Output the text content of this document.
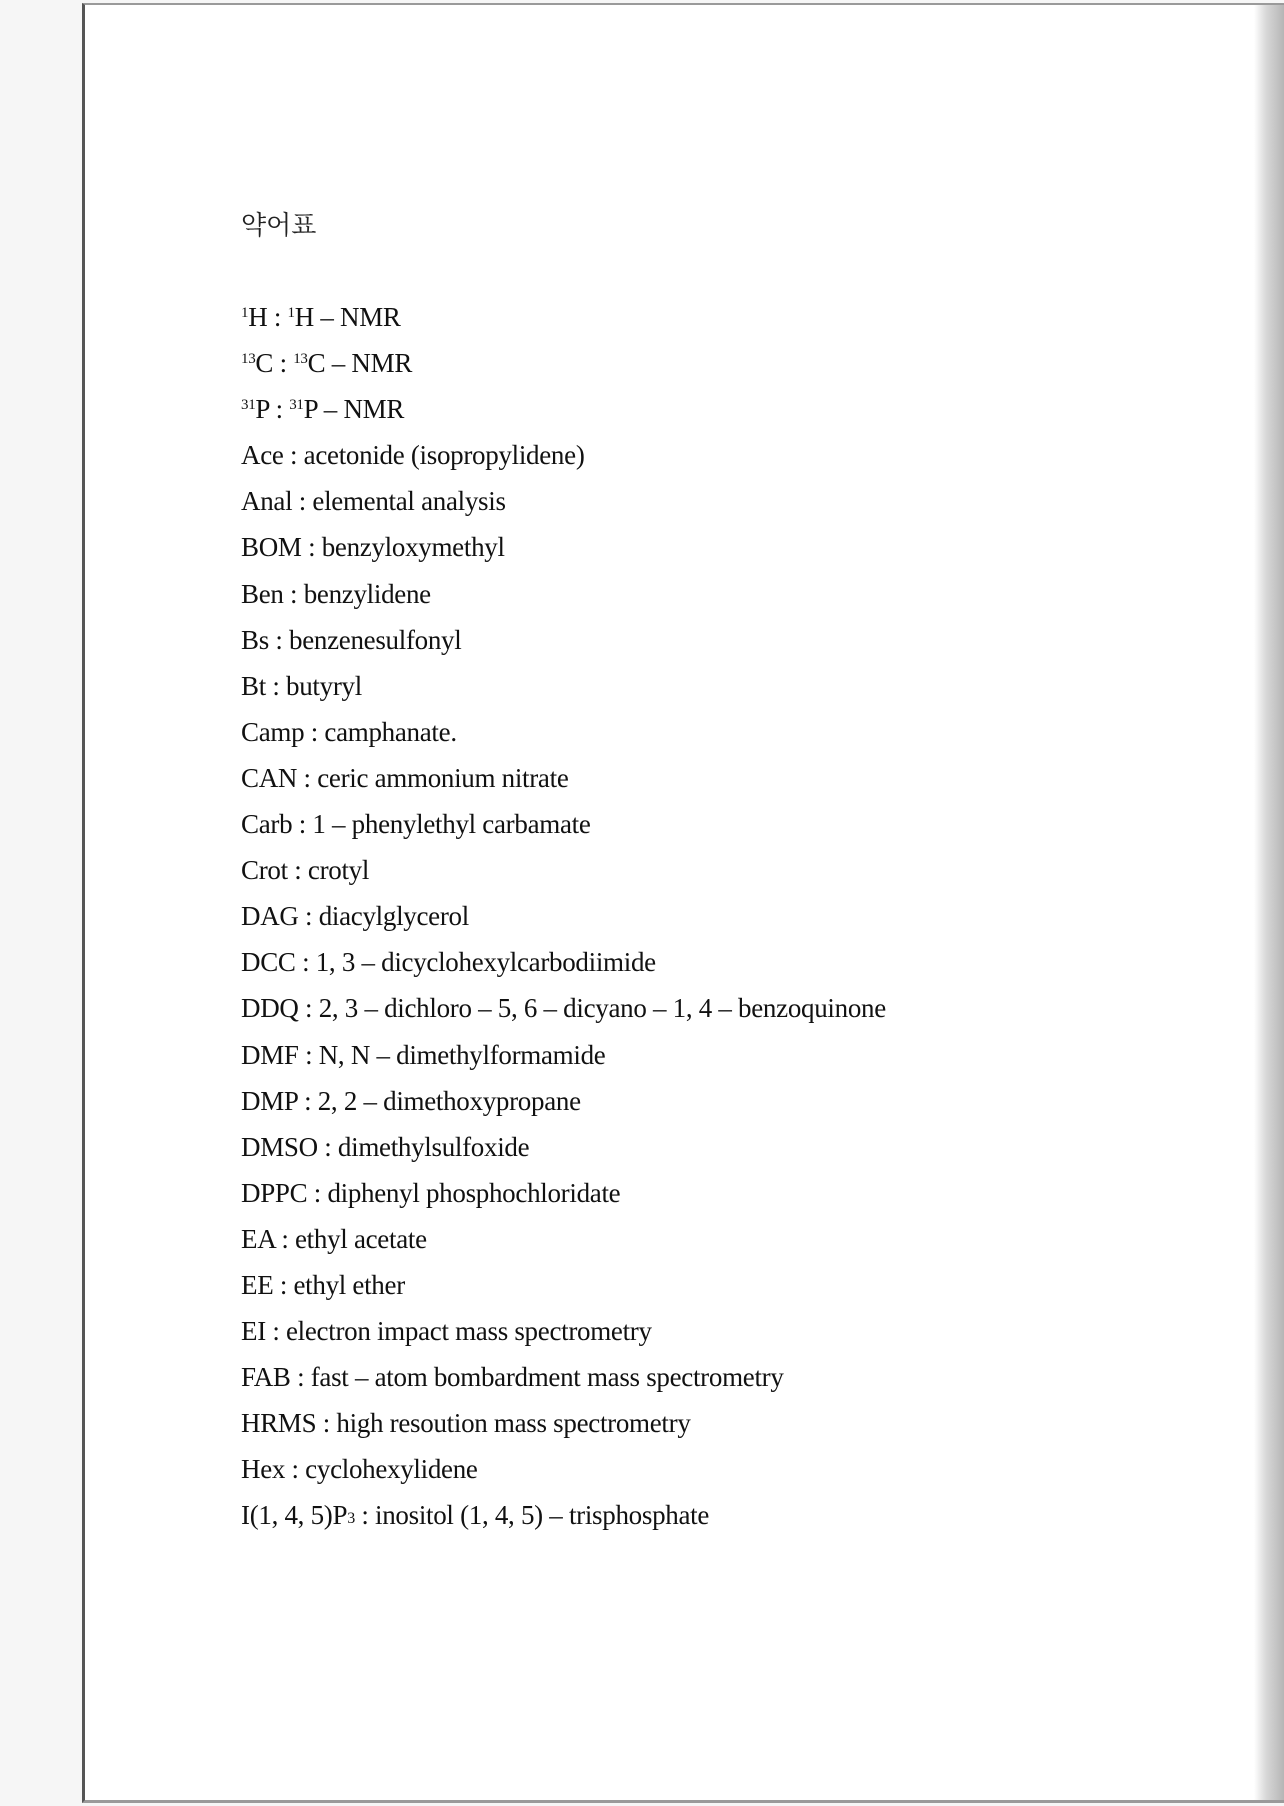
약어표
$^1$H : $^1$H – NMR
$^{13}$C : $^{13}$C – NMR
$^{31}$P : $^{31}$P – NMR
Ace : acetonide (isopropylidene)
Anal : elemental analysis
BOM : benzyloxymethyl
Ben : benzylidene
Bs : benzenesulfonyl
Bt : butyryl
Camp : camphanate.
CAN : ceric ammonium nitrate
Carb : 1 – phenylethyl carbamate
Crot : crotyl
DAG : diacylglycerol
DCC : 1, 3 – dicyclohexylcarbodiimide
DDQ : 2, 3 – dichloro – 5, 6 – dicyano – 1, 4 – benzoquinone
DMF : N, N – dimethylformamide
DMP : 2, 2 – dimethoxypropane
DMSO : dimethylsulfoxide
DPPC : diphenyl phosphochloridate
EA : ethyl acetate
EE : ethyl ether
EI : electron impact mass spectrometry
FAB : fast – atom bombardment mass spectrometry
HRMS : high resoution mass spectrometry
Hex : cyclohexylidene
I(1, 4, 5)P3 : inositol (1, 4, 5) – trisphosphate
